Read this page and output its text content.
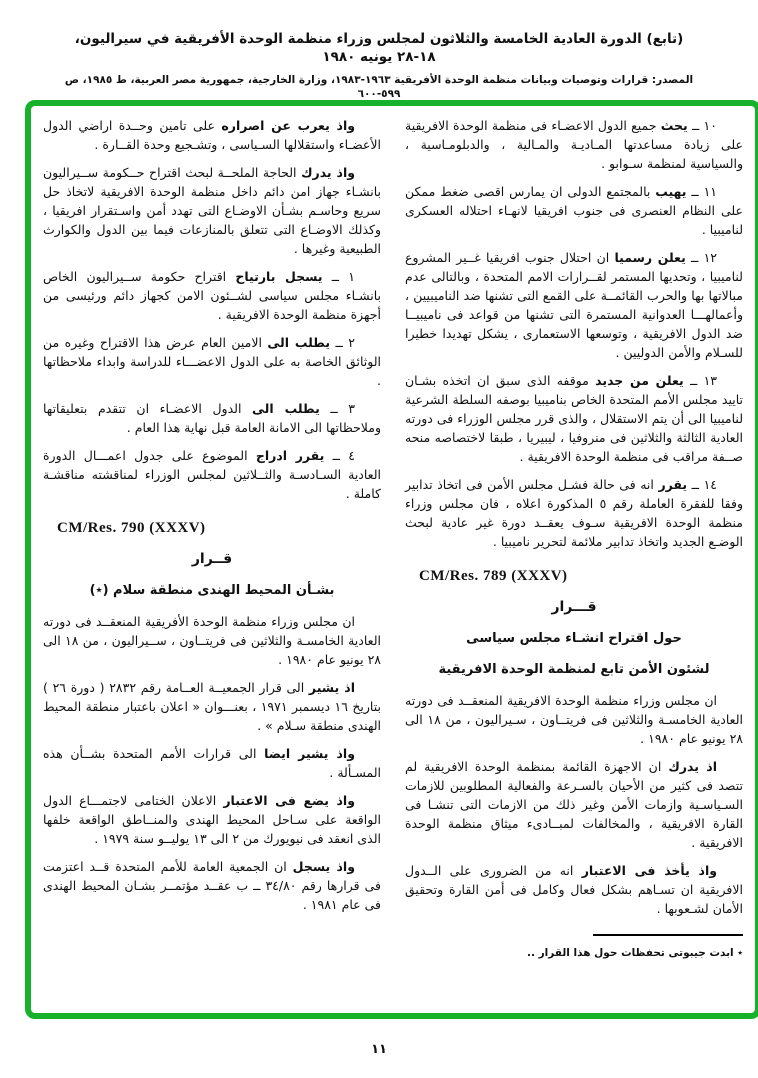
(تابع) الدورة العادية الخامسة والثلاثون لمجلس وزراء منظمة الوحدة الأفريقية في سيراليون، ١٨-٢٨ يونيه ١٩٨٠
المصدر: قرارات وتوصيات وبيانات منظمة الوحدة الأفريقية ١٩٦٣-١٩٨٣، وزارة الخارجية، جمهورية مصر العربية، ط ١٩٨٥، ص ٥٩٩-٦٠٠

١٠ ــ يحث جميع الدول الاعضـاء فى منظمة الوحدة الافريقية على زيادة مساعدتها المـاديـة والمـالية ، والدبلومـاسية ، والسياسية لمنظمة سـوابو .

١١ ــ يهيب بالمجتمع الدولى ان يمارس اقصى ضغط ممكن على النظام العنصرى فى جنوب افريقيا لانهـاء احتلاله العسكرى لناميبيا .

١٢ ــ يعلن رسميا ان احتلال جنوب افريقيا غــير المشروع لناميبيا ، وتحديها المستمر لقــرارات الامم المتحدة ، وبالتالى عدم مبالاتها بها والحرب القائمــة على القمع التى تشنها ضد الناميبيين ، وأعمالهـــا العدوانية المستمرة التى تشنها من قواعد فى ناميبيــا ضد الدول الافريقية ، وتوسعها الاستعمارى ، يشكل تهديدا خطيرا للسـلام والأمن الدوليين .

١٣ ــ يعلن من جديد موقفه الذى سبق ان اتخذه بشـان تاييد مجلس الأمم المتحدة الخاص بناميبيا بوصفه السلطة الشرعية لناميبيا الى أن يتم الاستقلال ، والذى قرر مجلس الوزراء فى دورته العادية الثالثة والثلاثين فى منروفيا ، ليبيريا ، طبقا لاختصاصه منحه صــفة مراقب فى منظمة الوحدة الافريقية .

١٤ ــ يقرر انه فى حالة فشـل مجلس الأمن فى اتخاذ تدابير وفقا للفقرة العاملة رقم ٥ المذكورة اعلاه ، فان مجلس وزراء منظمة الوحدة الافريقية سـوف يعقــد دورة غير عادية لبحث الوضـع الجديد واتخاذ تدابير ملائمة لتحرير ناميبيا .

CM/Res. 789 (XXXV)
قـــرار
حول اقتراح انشـاء مجلس سياسى
لشئون الأمن تابع لمنظمة الوحدة الافريقية

ان مجلس وزراء منظمة الوحدة الافريقية المنعقــد فى دورته العادية الخامسـة والثلاثين فى فريتــاون ، سـيراليون ، من ١٨ الى ٢٨ يونيو عام ١٩٨٠ .

اذ يدرك ان الاجهزة القائمة بمنظمة الوحدة الافريقية لم تتصد فى كثير من الأحيان بالسـرعة والفعالية المطلوبين للازمات السـياسـية وازمات الأمن وغير ذلك من الازمات التى تنشـا فى القارة الافريقية ، والمخالفات لمبــادىء ميثاق منظمة الوحدة الافريقية .

واذ يأخذ فى الاعتبار انه من الضرورى على الــدول الافريقية ان تسـاهم بشكل فعال وكامل فى أمن القارة وتحقيق الأمان لشـعوبها .

٭ ابدت جيبوتى تحفظات حول هذا القرار ..

واذ يعرب عن اصراره على تامين وحــدة اراضي الدول الأعضـاء واستقلالها السـياسى ، وتشـجيع وحدة القــارة .

واذ يدرك الحاجة الملحــة لبحث اقتراح حــكومة ســيراليون بانشـاء جهاز امن دائم داخل منظمة الوحدة الافريقية لاتخاذ حل سريع وحاسـم بشـأن الاوضـاع التى تهدد أمن واسـتقرار افريقيا ، وكذلك الاوضـاع التى تتعلق بالمنازعات فيما بين الدول والكوارث الطبيعية وغيرها .

١ ــ يسجل بارتياح اقتراح حكومة ســيراليون الخاص بانشـاء مجلس سياسى لشــئون الامن كجهاز دائم ورئيسى من أجهزة منظمة الوحدة الافريقية .

٢ ــ يطلب الى الامين العام عرض هذا الاقتراح وغيره من الوثائق الخاصة به على الدول الاعضـــاء للدراسة وابداء ملاحظاتها .

٣ ــ يطلب الى الدول الاعضـاء ان تتقدم بتعليقاتها وملاحظاتها الى الامانة العامة قبل نهاية هذا العام .

٤ ــ يقرر ادراج الموضوع على جدول اعمـــال الدورة العادية السـادسـة والثــلاثين لمجلس الوزراء لمناقشته مناقشـة كاملة .

CM/Res. 790 (XXXV)
قــرار
بشـأن المحيط الهندى منطقة سلام (٭)

ان مجلس وزراء منظمة الوحدة الأفريقية المنعقــد فى دورته العادية الخامسـة والثلاثين فى فريتــاون ، ســيراليون ، من ١٨ الى ٢٨ يونيو عام ١٩٨٠ .

اذ يشير الى قرار الجمعيــة العــامة رقم ٢٨٣٢ ( دورة ٢٦ ) بتاريخ ١٦ ديسمبر ١٩٧١ ، بعنـــوان « اعلان باعتبار منطقة المحيط الهندى منطقة سـلام » .

واذ يشير ايضا الى قرارات الأمم المتحدة بشــأن هذه المسـألة .

واذ يضع فى الاعتبار الاعلان الختامى لاجتمـــاع الدول الواقعة على سـاحل المحيط الهندى والمنــاطق الواقعة خلفها الذى انعقد فى نيويورك من ٢ الى ١٣ يوليــو سنة ١٩٧٩ .

واذ يسجل ان الجمعية العامة للأمم المتحدة قــد اعتزمت فى قرارها رقم ٣٤/٨٠ ــ ب عقــد مؤتمــر بشـان المحيط الهندى فى عام ١٩٨١ .

١١
